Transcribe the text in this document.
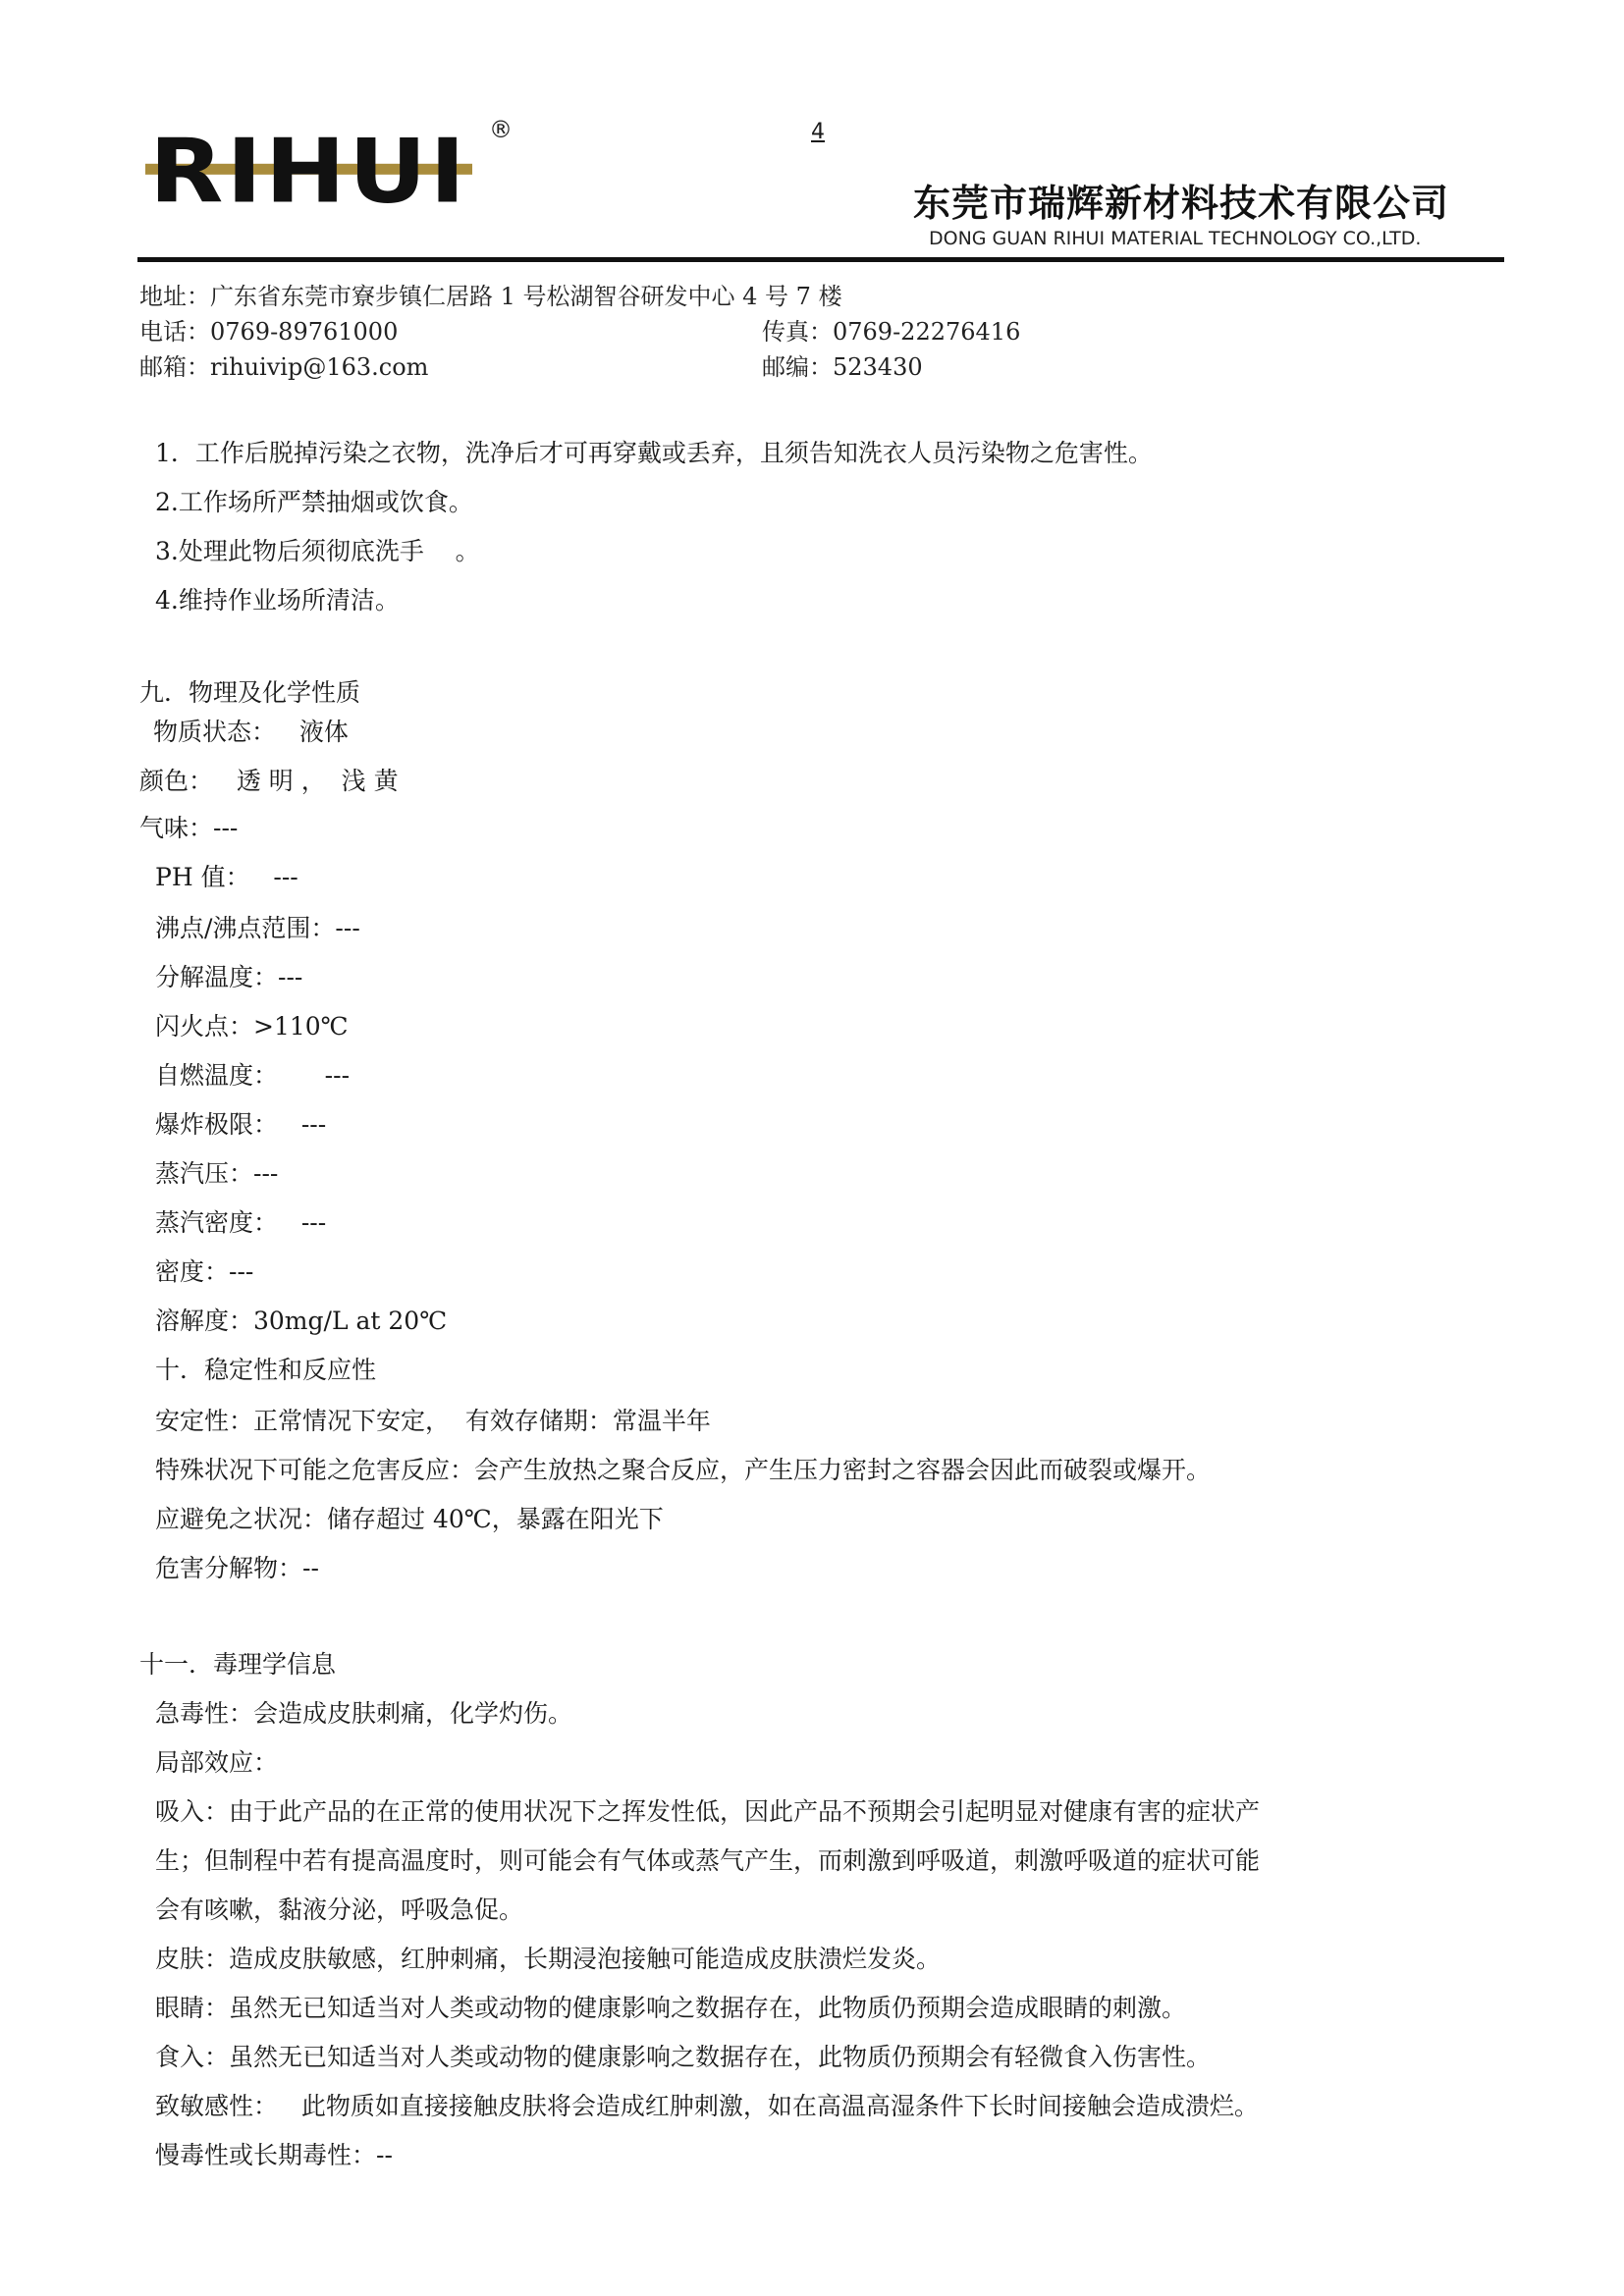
RIHUI ®	4
东莞市瑞辉新材料技术有限公司
DONG GUAN RIHUI MATERIAL TECHNOLOGY CO.,LTD.
地址：广东省东莞市寮步镇仁居路 1 号松湖智谷研发中心 4 号 7 楼
电话：0769-89761000	传真：0769-22276416
邮箱：rihuivip@163.com	邮编：523430
1．工作后脱掉污染之衣物，洗净后才可再穿戴或丢弃，且须告知洗衣人员污染物之危害性。
2.工作场所严禁抽烟或饮食。
3.处理此物后须彻底洗手    。
4.维持作业场所清洁。
九．物理及化学性质
物质状态：   液体
颜色：   透 明 ，  浅 黄
气味：---
PH 值：   ---
沸点/沸点范围：---
分解温度：---
闪火点：>110℃
自燃温度：      ---
爆炸极限：   ---
蒸汽压：---
蒸汽密度：   ---
密度：---
溶解度：30mg/L at 20℃
十．稳定性和反应性
安定性：正常情况下安定，  有效存储期：常温半年
特殊状况下可能之危害反应：会产生放热之聚合反应，产生压力密封之容器会因此而破裂或爆开。
应避免之状况：储存超过 40℃，暴露在阳光下
危害分解物：--
十一．毒理学信息
急毒性：会造成皮肤刺痛，化学灼伤。
局部效应：
吸入：由于此产品的在正常的使用状况下之挥发性低，因此产品不预期会引起明显对健康有害的症状产
生；但制程中若有提高温度时，则可能会有气体或蒸气产生，而刺激到呼吸道，刺激呼吸道的症状可能
会有咳嗽，黏液分泌，呼吸急促。
皮肤：造成皮肤敏感，红肿刺痛，长期浸泡接触可能造成皮肤溃烂发炎。
眼睛：虽然无已知适当对人类或动物的健康影响之数据存在，此物质仍预期会造成眼睛的刺激。
食入：虽然无已知适当对人类或动物的健康影响之数据存在，此物质仍预期会有轻微食入伤害性。
致敏感性：   此物质如直接接触皮肤将会造成红肿刺激，如在高温高湿条件下长时间接触会造成溃烂。
慢毒性或长期毒性：--
